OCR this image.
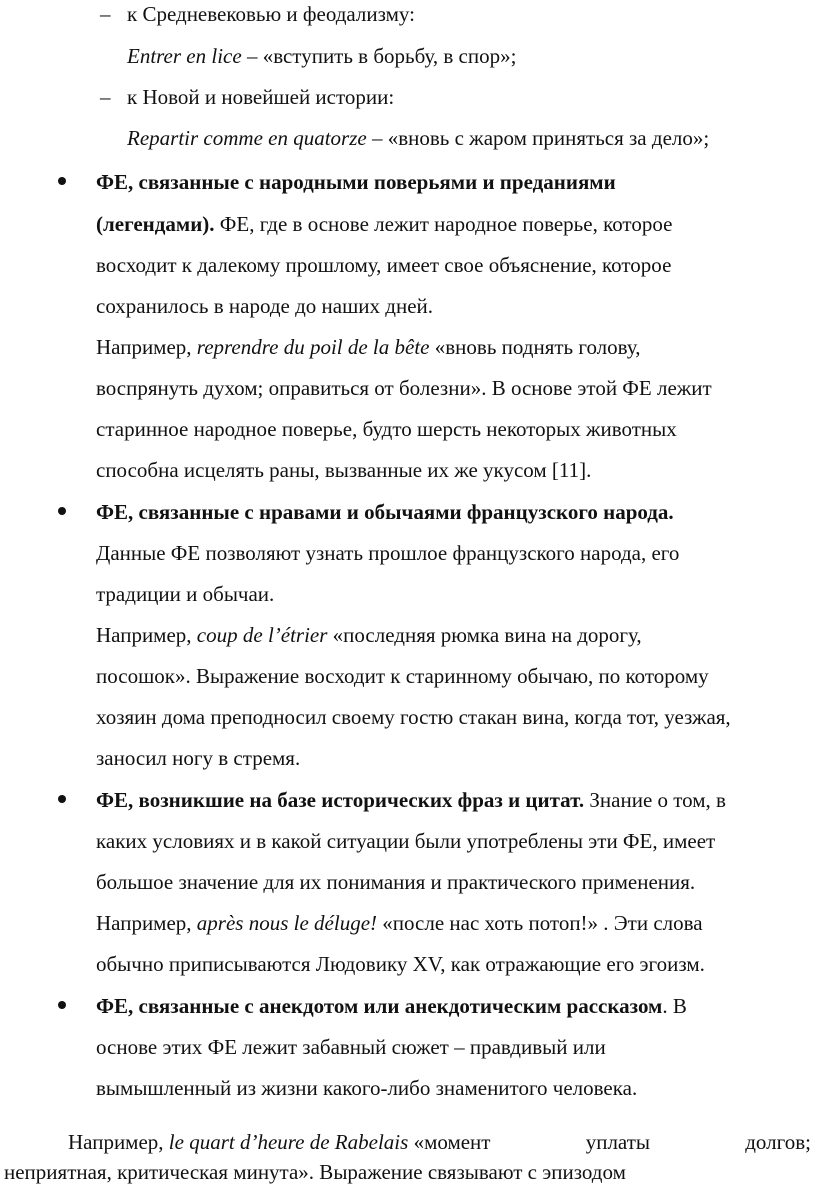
– к Средневековью и феодализму:
Entrer en lice – «вступить в борьбу, в спор»;
– к Новой и новейшей истории:
Repartir comme en quatorze – «вновь с жаром приняться за дело»;
ФЕ, связанные с народными поверьями и преданиями
(легендами). ФЕ, где в основе лежит народное поверье, которое
восходит к далекому прошлому, имеет свое объяснение, которое
сохранилось в народе до наших дней.
Например, reprendre du poil de la bête «вновь поднять голову,
воспрянуть духом; оправиться от болезни». В основе этой ФЕ лежит
старинное народное поверье, будто шерсть некоторых животных
способна исцелять раны, вызванные их же укусом [11].
ФЕ, связанные с нравами и обычаями французского народа.
Данные ФЕ позволяют узнать прошлое французского народа, его
традиции и обычаи.
Например, coup de l’étrier «последняя рюмка вина на дорогу,
посошок». Выражение восходит к старинному обычаю, по которому
хозяин дома преподносил своему гостю стакан вина, когда тот, уезжая,
заносил ногу в стремя.
ФЕ, возникшие на базе исторических фраз и цитат. Знание о том, в
каких условиях и в какой ситуации были употреблены эти ФЕ, имеет
большое значение для их понимания и практического применения.
Например, après nous le déluge! «после нас хоть потоп!» . Эти слова
обычно приписываются Людовику XV, как отражающие его эгоизм.
ФЕ, связанные с анекдотом или анекдотическим рассказом. В
основе этих ФЕ лежит забавный сюжет – правдивый или
вымышленный из жизни какого-либо знаменитого человека.
Например, le quart d’heure de Rabelais «момент	уплаты	долгов;
неприятная, критическая минута». Выражение связывают с эпизодом
